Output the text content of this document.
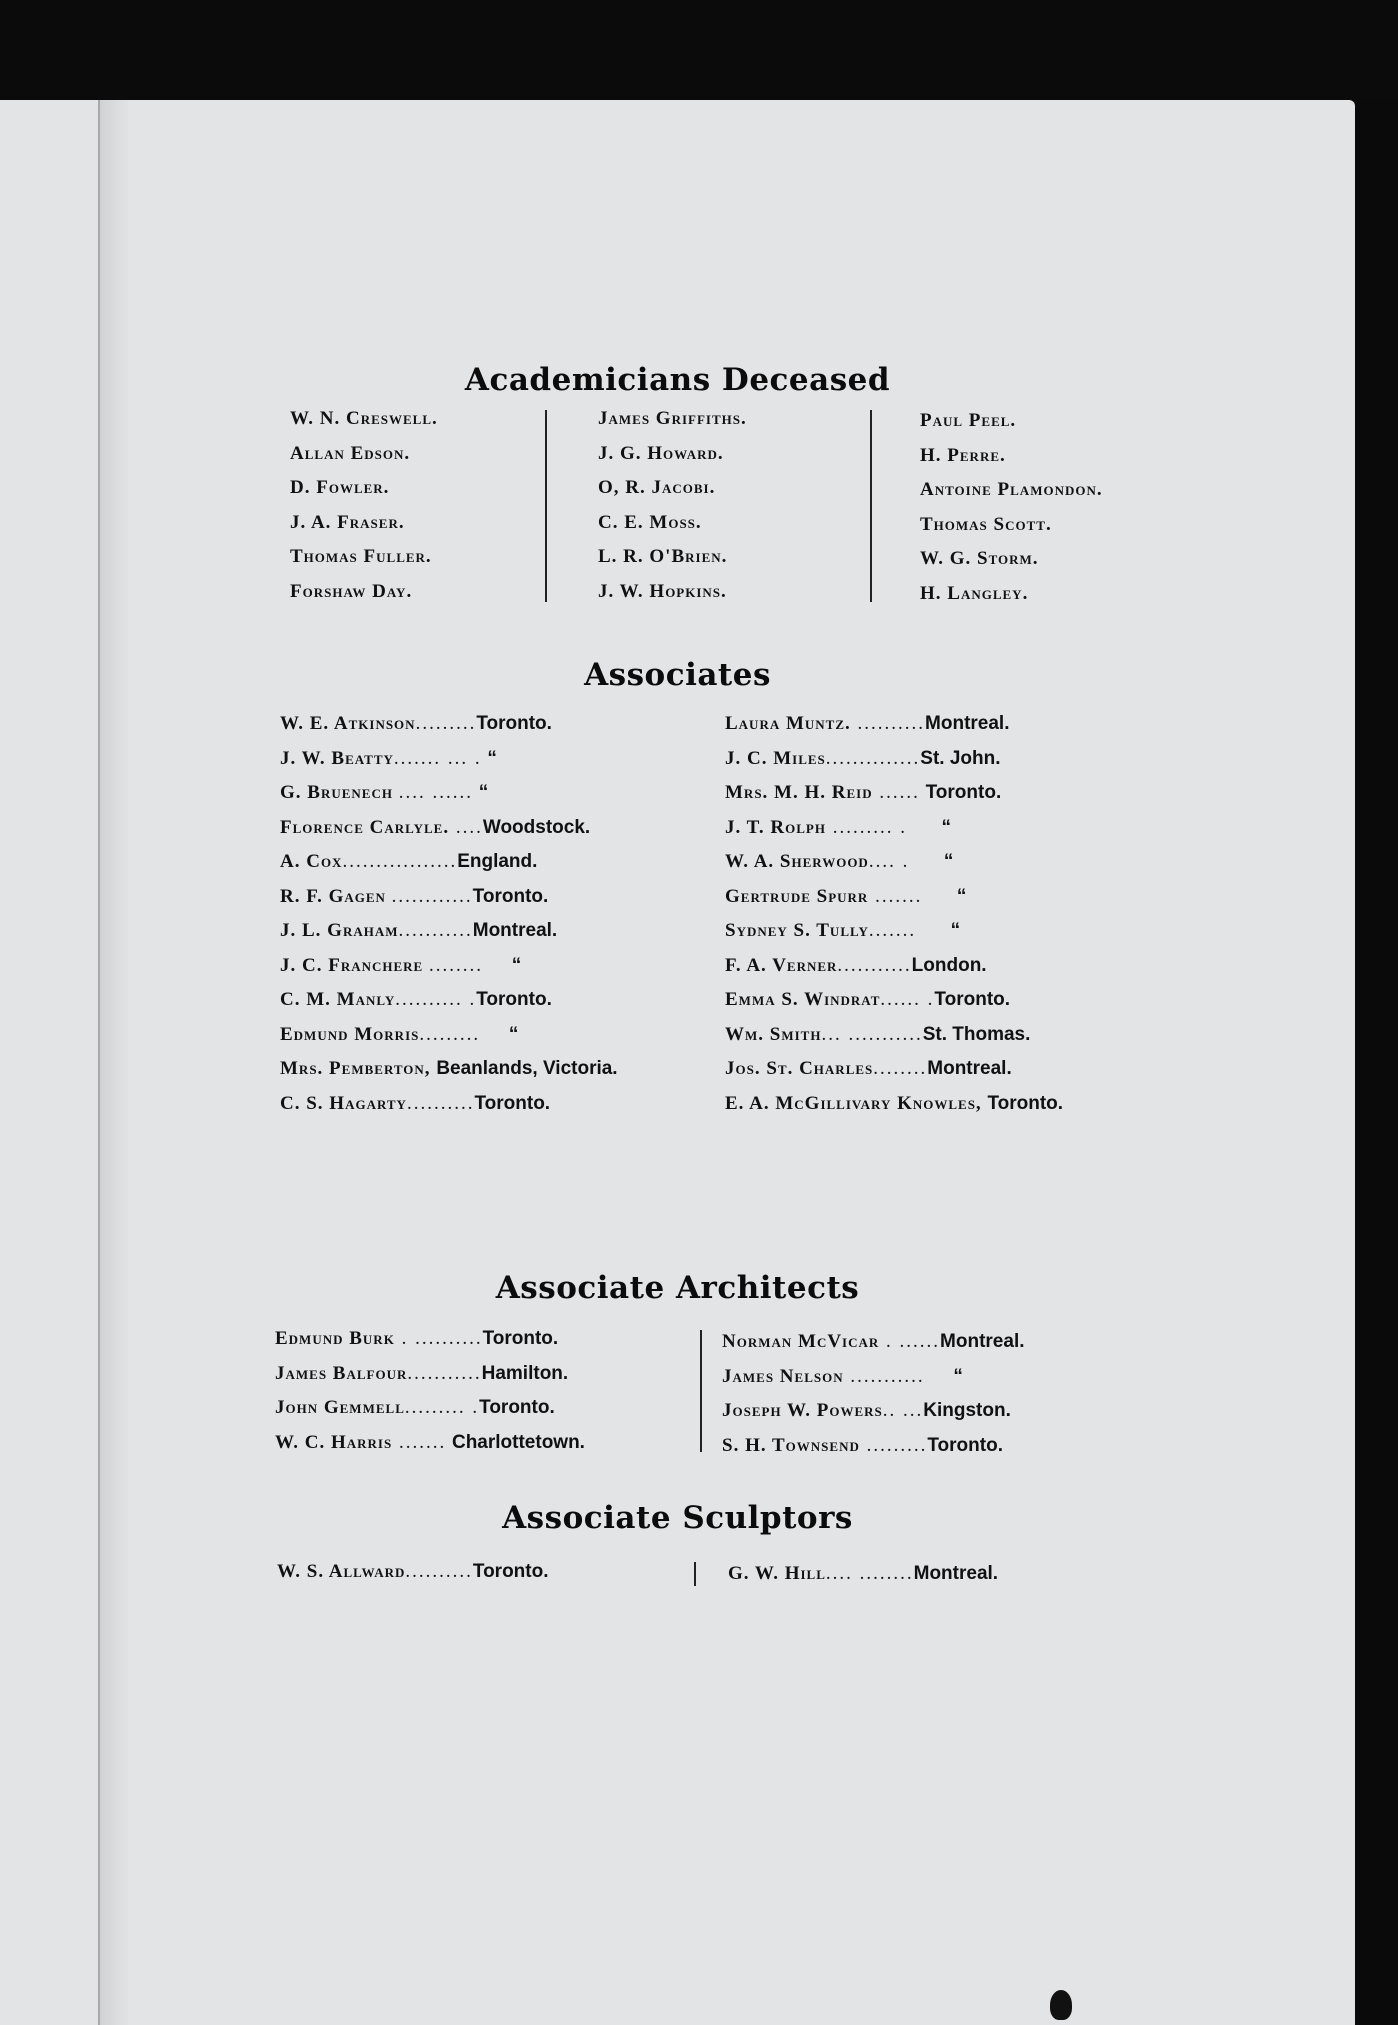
Academicians Deceased
W. N. Creswell.
Allan Edson.
D. Fowler.
J. A. Fraser.
Thomas Fuller.
Forshaw Day.
James Griffiths.
J. G. Howard.
O, R. Jacobi.
C. E. Moss.
L. R. O'Brien.
J. W. Hopkins.
Paul Peel.
H. Perre.
Antoine Plamondon.
Thomas Scott.
W. G. Storm.
H. Langley.
Associates
W. E. Atkinson.........Toronto.
J. W. Beatty....... ... . “
G. Bruenech .... ...... “
Florence Carlyle. ....Woodstock.
A. Cox.................England.
R. F. Gagen ............Toronto.
J. L. Graham...........Montreal.
J. C. Franchere ........ “
C. M. Manly.......... .Toronto.
Edmund Morris......... “
Mrs. Pemberton, Beanlands, Victoria.
C. S. Hagarty..........Toronto.
Laura Muntz. ..........Montreal.
J. C. Miles..............St. John.
Mrs. M. H. Reid ...... Toronto.
J. T. Rolph ......... . “
W. A. Sherwood.... . “
Gertrude Spurr ....... “
Sydney S. Tully....... “
F. A. Verner...........London.
Emma S. Windrat...... .Toronto.
Wm. Smith... ...........St. Thomas.
Jos. St. Charles........Montreal.
E. A. McGillivary Knowles, Toronto.
Associate Architects
Edmund Burk . ..........Toronto.
James Balfour...........Hamilton.
John Gemmell......... .Toronto.
W. C. Harris ....... Charlottetown.
Norman McVicar . ......Montreal.
James Nelson ........... “
Joseph W. Powers.. ...Kingston.
S. H. Townsend .........Toronto.
Associate Sculptors
W. S. Allward..........Toronto.	G. W. Hill.... ........Montreal.
